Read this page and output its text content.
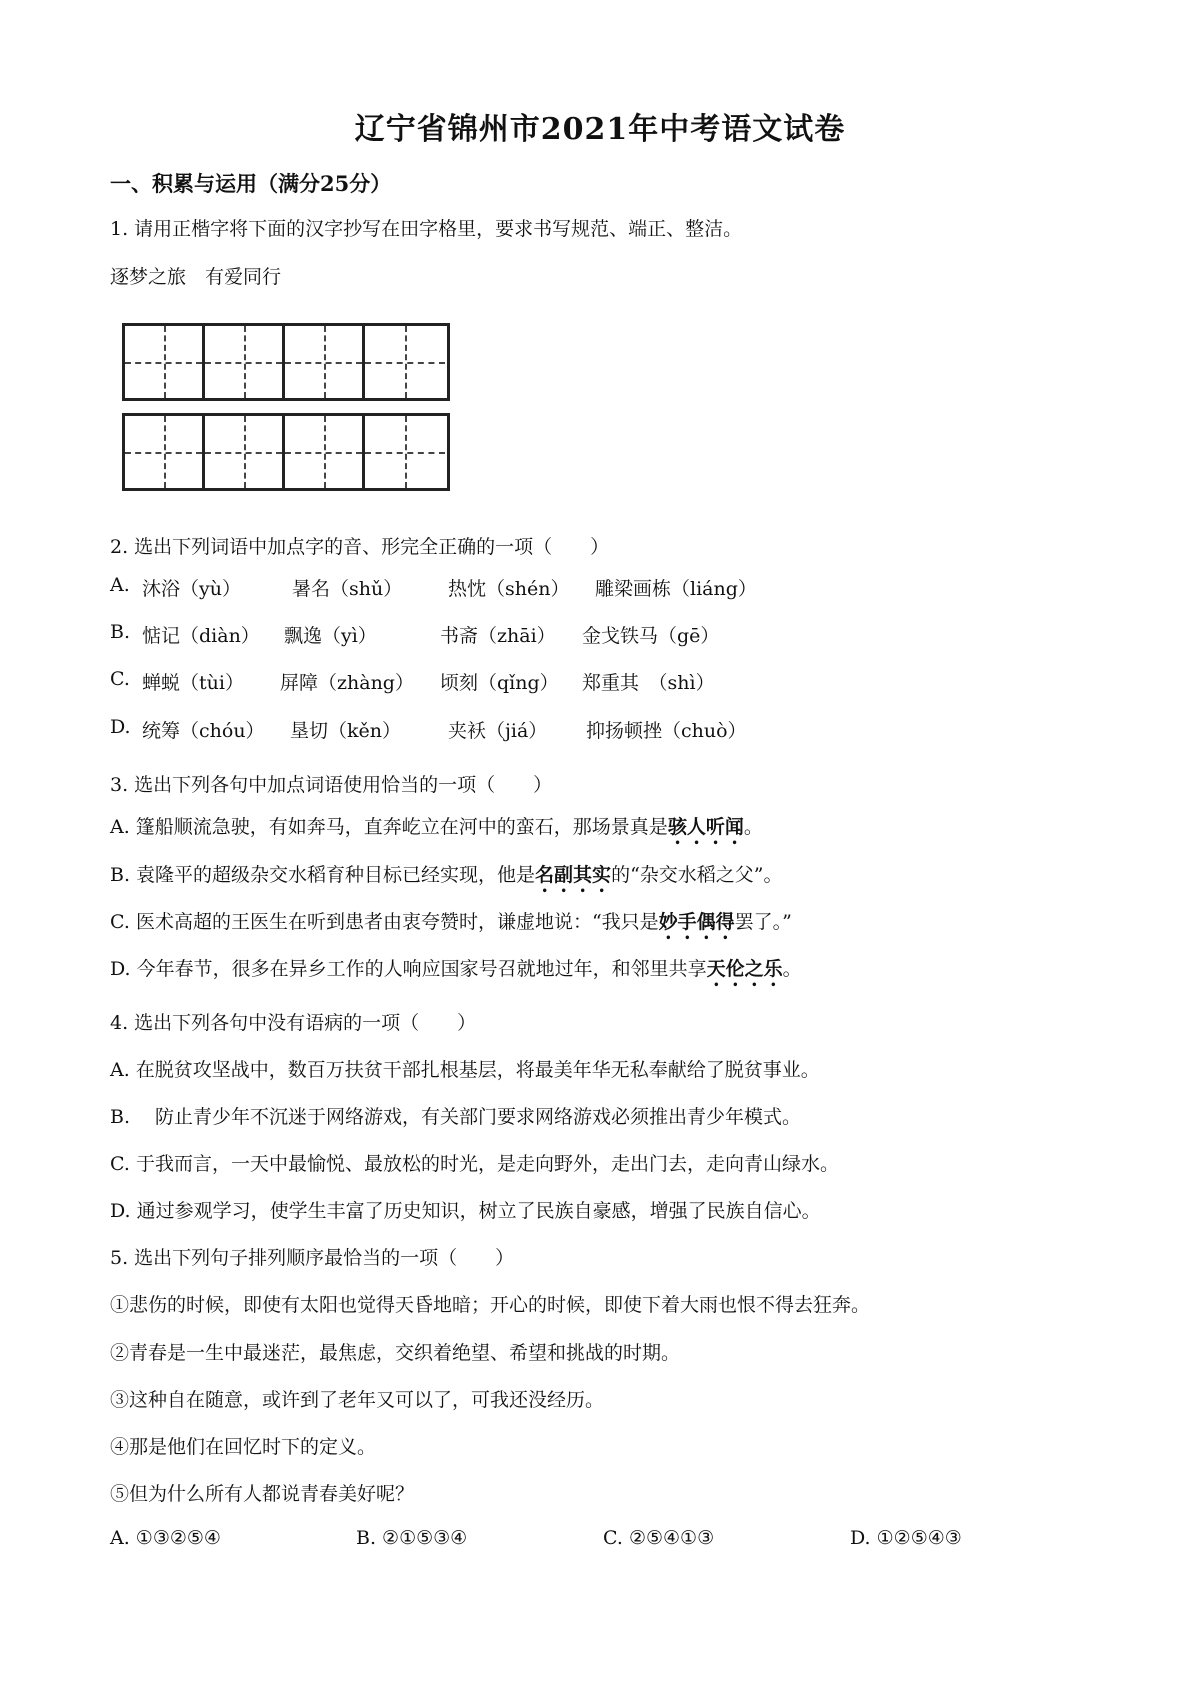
辽宁省锦州市2021年中考语文试卷
一、积累与运用（满分25分）
1. 请用正楷字将下面的汉字抄写在田字格里，要求书写规范、端正、整洁。
逐梦之旅　有爱同行
2. 选出下列词语中加点字的音、形完全正确的一项（　　）
A. 沐浴（yù）	暑名（shǔ） 热忱（shén） 雕梁画栋（liáng）
B. 惦记（diàn） 飘逸（yì）	书斋（zhāi） 金戈铁马（gē）
C. 蝉蜕（tùi） 屏障（zhàng） 顷刻（qǐng） 郑重其　（shì）
D. 统筹（chóu） 垦切（kěn） 夹袄（jiá） 抑扬顿挫（chuò）
3. 选出下列各句中加点词语使用恰当的一项（　　）
A. 篷船顺流急驶，有如奔马，直奔屹立在河中的蛮石，那场景真是骇人听闻。
B. 袁隆平的超级杂交水稻育种目标已经实现，他是名副其实的“杂交水稻之父”。
C. 医术高超的王医生在听到患者由衷夸赞时，谦虚地说：“我只是妙手偶得罢了。”
D. 今年春节，很多在异乡工作的人响应国家号召就地过年，和邻里共享天伦之乐。
4. 选出下列各句中没有语病的一项（　　）
A. 在脱贫攻坚战中，数百万扶贫干部扎根基层，将最美年华无私奉献给了脱贫事业。
B. 　防止青少年不沉迷于网络游戏，有关部门要求网络游戏必须推出青少年模式。
C. 于我而言，一天中最愉悦、最放松的时光，是走向野外，走出门去，走向青山绿水。
D. 通过参观学习，使学生丰富了历史知识，树立了民族自豪感，增强了民族自信心。
5. 选出下列句子排列顺序最恰当的一项（　　）
①悲伤的时候，即使有太阳也觉得天昏地暗；开心的时候，即使下着大雨也恨不得去狂奔。
②青春是一生中最迷茫，最焦虑，交织着绝望、希望和挑战的时期。
③这种自在随意，或许到了老年又可以了，可我还没经历。
④那是他们在回忆时下的定义。
⑤但为什么所有人都说青春美好呢？
A. ①③②⑤④	B. ②①⑤③④	C. ②⑤④①③	D. ①②⑤④③
